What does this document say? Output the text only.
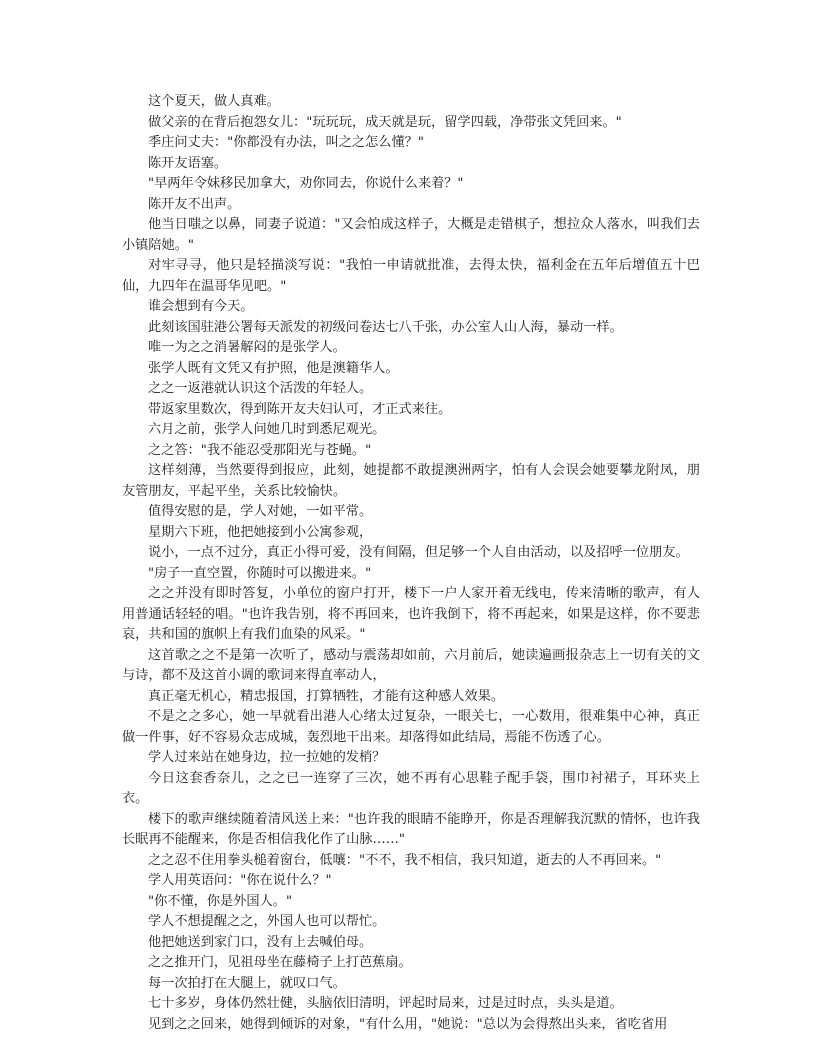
这个夏天，做人真难。

做父亲的在背后抱怨女儿："玩玩玩，成天就是玩，留学四载，净带张文凭回来。"

季庄问丈夫："你都没有办法，叫之之怎么懂？"

陈开友语塞。

"早两年令妹移民加拿大，劝你同去，你说什么来着？"

陈开友不出声。

他当日嗤之以鼻，同妻子说道："又会怕成这样子，大概是走错棋子，想拉众人落水，叫我们去小镇陪她。"

对牢寻寻，他只是轻描淡写说："我怕一申请就批准，去得太快，福利金在五年后增值五十巴仙，九四年在温哥华见吧。"

谁会想到有今天。

此刻该国驻港公署每天派发的初级问卷达七八千张，办公室人山人海，暴动一样。

唯一为之之消暑解闷的是张学人。

张学人既有文凭又有护照，他是澳籍华人。

之之一返港就认识这个活泼的年轻人。

带返家里数次，得到陈开友夫妇认可，才正式来往。

六月之前，张学人问她几时到悉尼观光。

之之答："我不能忍受那阳光与苍蝇。"

这样刻薄，当然要得到报应，此刻，她提都不敢提澳洲两字，怕有人会误会她要攀龙附凤，朋友管朋友，平起平坐，关系比较愉快。

值得安慰的是，学人对她，一如平常。

星期六下班，他把她接到小公寓参观，

说小，一点不过分，真正小得可爱，没有间隔，但足够一个人自由活动，以及招呼一位朋友。

"房子一直空置，你随时可以搬进来。"

之之并没有即时答复，小单位的窗户打开，楼下一户人家开着无线电，传来清晰的歌声，有人用普通话轻轻的唱。"也许我告别，将不再回来，也许我倒下，将不再起来，如果是这样，你不要悲哀，共和国的旗帜上有我们血染的风采。"

这首歌之之不是第一次听了，感动与震荡却如前，六月前后，她读遍画报杂志上一切有关的文与诗，都不及这首小调的歌词来得直率动人，

真正毫无机心，精忠报国，打算牺牲，才能有这种感人效果。

不是之之多心，她一早就看出港人心绪太过复杂，一眼关七，一心数用，很难集中心神，真正做一件事，好不容易众志成城，轰烈地干出来。却落得如此结局，焉能不伤透了心。

学人过来站在她身边，拉一拉她的发梢？

今日这套香奈儿，之之已一连穿了三次，她不再有心思鞋子配手袋，围巾衬裙子，耳环夹上衣。

楼下的歌声继续随着清风送上来："也许我的眼睛不能睁开，你是否理解我沉默的情怀，也许我长眠再不能醒来，你是否相信我化作了山脉……"

之之忍不住用拳头槌着窗台，低嚷："不不，我不相信，我只知道，逝去的人不再回来。"

学人用英语问："你在说什么？"

"你不懂，你是外国人。"

学人不想提醒之之，外国人也可以帮忙。

他把她送到家门口，没有上去喊伯母。

之之推开门，见祖母坐在藤椅子上打芭蕉扇。

每一次拍打在大腿上，就叹口气。

七十多岁，身体仍然壮健，头脑依旧清明，评起时局来，过是过时点，头头是道。

见到之之回来，她得到倾诉的对象，"有什么用，"她说："总以为会得熬出头来，省吃省用
